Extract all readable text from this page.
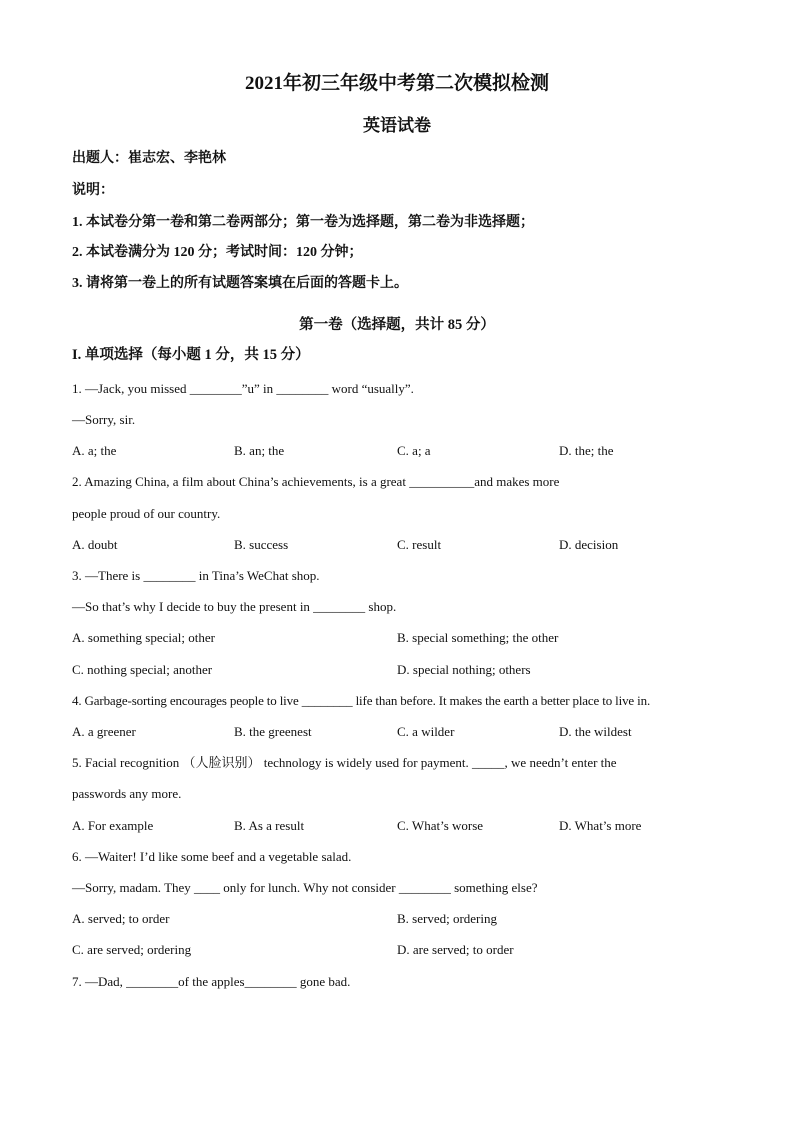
2021年初三年级中考第二次模拟检测
英语试卷
出题人：崔志宏、李艳林
说明：
1. 本试卷分第一卷和第二卷两部分；第一卷为选择题，第二卷为非选择题；
2. 本试卷满分为 120 分；考试时间：120 分钟；
3. 请将第一卷上的所有试题答案填在后面的答题卡上。
第一卷（选择题，共计 85 分）
I. 单项选择（每小题 1 分，共 15 分）
1. —Jack, you missed ________”u” in ________ word “usually”.
—Sorry, sir.
A. a; the	B. an; the	C. a; a	D. the; the
2. Amazing China, a film about China’s achievements, is a great __________and makes more
people proud of our country.
A. doubt	B. success	C. result	D. decision
3. —There is ________ in Tina’s WeChat shop.
—So that’s why I decide to buy the present in ________ shop.
A. something special; other	B. special something; the other
C. nothing special; another	D. special nothing; others
4. Garbage-sorting encourages people to live ________ life than before. It makes the earth a better place to live in.
A. a greener	B. the greenest	C. a wilder	D. the wildest
5. Facial recognition （人脸识别） technology is widely used for payment. _____, we needn’t enter the
passwords any more.
A. For example	B. As a result	C. What’s worse	D. What’s more
6. —Waiter! I’d like some beef and a vegetable salad.
—Sorry, madam. They ____ only for lunch. Why not consider ________ something else?
A. served; to order	B. served; ordering
C. are served; ordering	D. are served; to order
7. —Dad, ________of the apples________ gone bad.
